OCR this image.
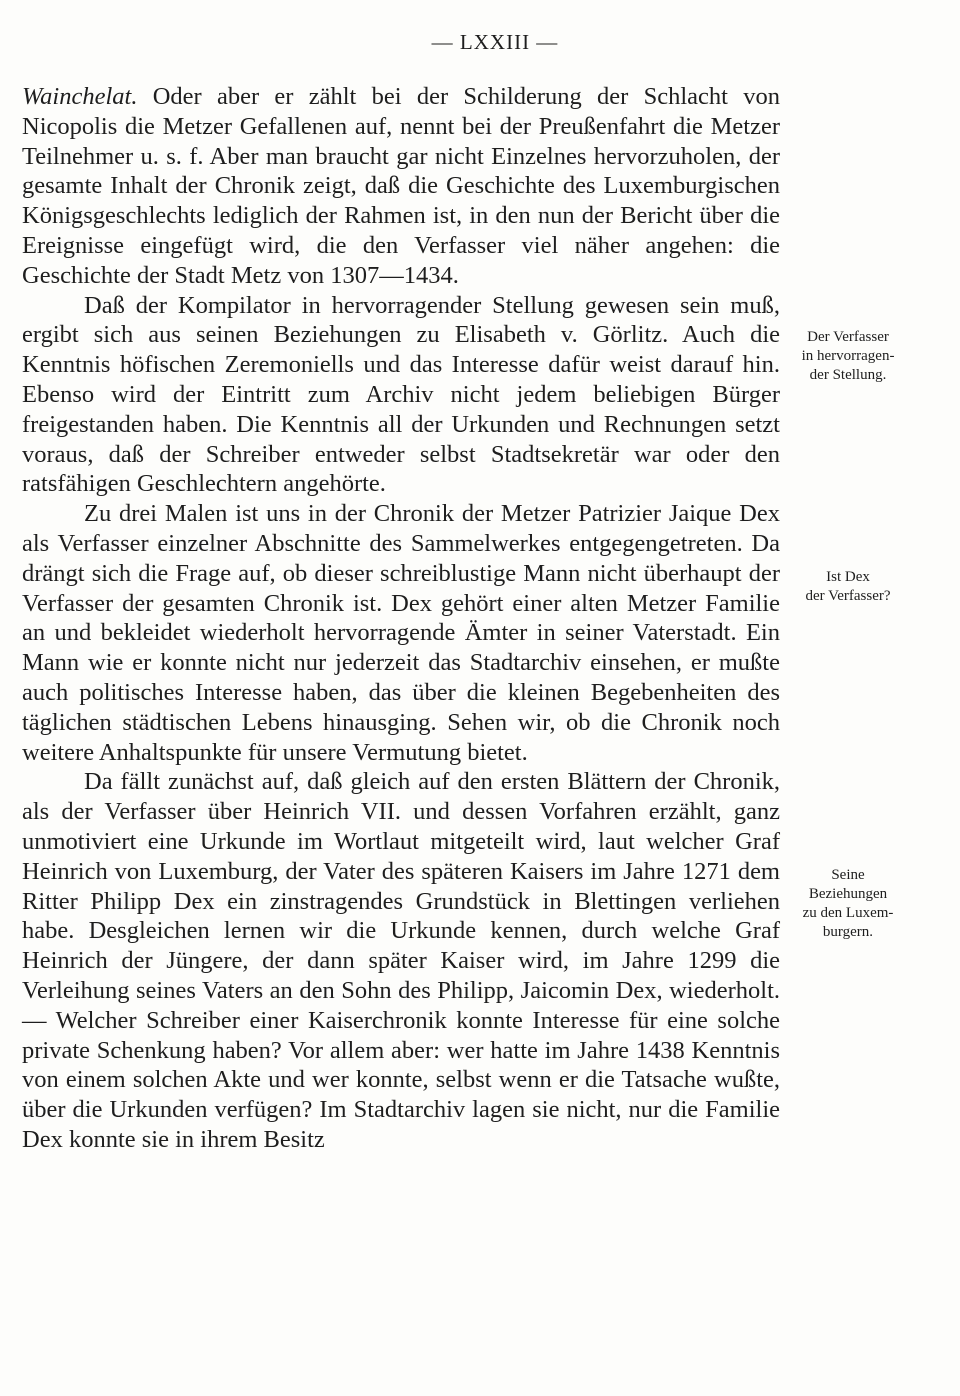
— LXXIII —

Wainchelat. Oder aber er zählt bei der Schilderung der Schlacht von Nicopolis die Metzer Gefallenen auf, nennt bei der Preußenfahrt die Metzer Teilnehmer u. s. f. Aber man braucht gar nicht Einzelnes hervorzuholen, der gesamte Inhalt der Chronik zeigt, daß die Geschichte des Luxemburgischen Königsgeschlechts lediglich der Rahmen ist, in den nun der Bericht über die Ereignisse eingefügt wird, die den Verfasser viel näher angehen: die Geschichte der Stadt Metz von 1307—1434.

Daß der Kompilator in hervorragender Stellung gewesen sein muß, ergibt sich aus seinen Beziehungen zu Elisabeth v. Görlitz. Auch die Kenntnis höfischen Zeremoniells und das Interesse dafür weist darauf hin. Ebenso wird der Eintritt zum Archiv nicht jedem beliebigen Bürger freigestanden haben. Die Kenntnis all der Urkunden und Rechnungen setzt voraus, daß der Schreiber entweder selbst Stadtsekretär war oder den ratsfähigen Geschlechtern angehörte.

Zu drei Malen ist uns in der Chronik der Metzer Patrizier Jaique Dex als Verfasser einzelner Abschnitte des Sammelwerkes entgegengetreten. Da drängt sich die Frage auf, ob dieser schreiblustige Mann nicht überhaupt der Verfasser der gesamten Chronik ist. Dex gehört einer alten Metzer Familie an und bekleidet wiederholt hervorragende Ämter in seiner Vaterstadt. Ein Mann wie er konnte nicht nur jederzeit das Stadtarchiv einsehen, er mußte auch politisches Interesse haben, das über die kleinen Begebenheiten des täglichen städtischen Lebens hinausging. Sehen wir, ob die Chronik noch weitere Anhaltspunkte für unsere Vermutung bietet.

Da fällt zunächst auf, daß gleich auf den ersten Blättern der Chronik, als der Verfasser über Heinrich VII. und dessen Vorfahren erzählt, ganz unmotiviert eine Urkunde im Wortlaut mitgeteilt wird, laut welcher Graf Heinrich von Luxemburg, der Vater des späteren Kaisers im Jahre 1271 dem Ritter Philipp Dex ein zinstragendes Grundstück in Blettingen verliehen habe. Desgleichen lernen wir die Urkunde kennen, durch welche Graf Heinrich der Jüngere, der dann später Kaiser wird, im Jahre 1299 die Verleihung seines Vaters an den Sohn des Philipp, Jaicomin Dex, wiederholt. — Welcher Schreiber einer Kaiserchronik konnte Interesse für eine solche private Schenkung haben? Vor allem aber: wer hatte im Jahre 1438 Kenntnis von einem solchen Akte und wer konnte, selbst wenn er die Tatsache wußte, über die Urkunden verfügen? Im Stadtarchiv lagen sie nicht, nur die Familie Dex konnte sie in ihrem Besitz

Der Verfasser
in hervorragen-
der Stellung.
Ist Dex
der Verfasser?
Seine
Beziehungen
zu den Luxem-
burgern.
